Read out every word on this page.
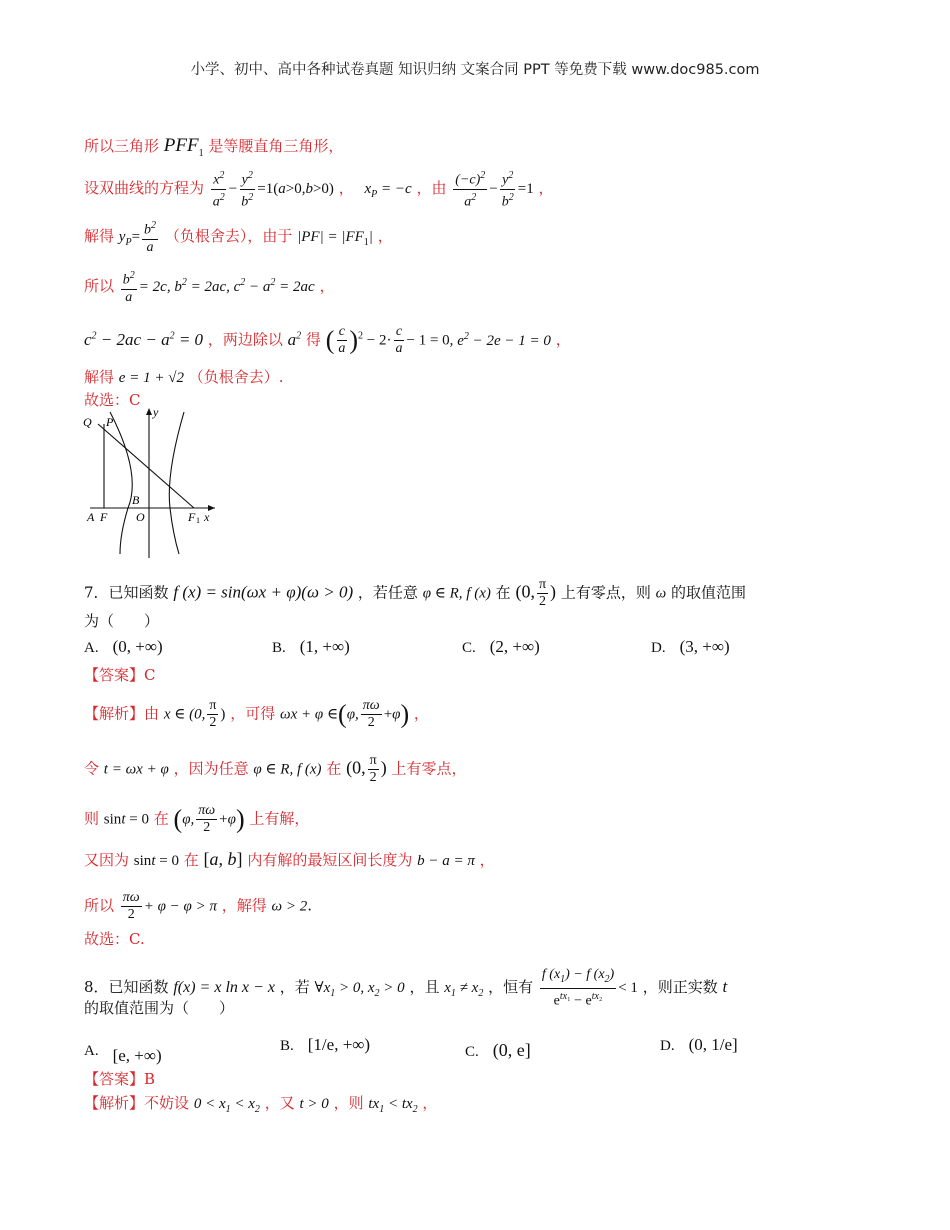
小学、初中、高中各种试卷真题 知识归纳 文案合同 PPT 等免费下载 www.doc985.com
所以三角形 $PFF_1$ 是等腰直角三角形，
设双曲线的方程为 $\frac{x^2}{a^2} - \frac{y^2}{b^2} =1(a>0,b>0)$ ， $x_P = -c$ ，由 $\frac{(-c)^2}{a^2} - \frac{y^2}{b^2} =1$ ，
解得 $y_P= \frac{b^2}{a}$ （负根舍去），由于 $|PF| = |FF_1|$ ，
所以 $\frac{b^2}{a} = 2c$, $b^2 = 2ac$, $c^2 - a^2 = 2ac$ ，
$c^2 - 2ac - a^2 = 0$ ，两边除以 $a^2$ 得 ( $\frac{c}{a} )^2 - 2\cdot \frac{c}{a} - 1 = 0$, $e^2 - 2e - 1 = 0$ ，
解得 e = 1 + √2 （负根舍去）.
故选：C
Q P
y
B
A F O	F 1 x
7．已知函数 f (x) = sin(ωx + φ)(ω > 0) ，若任意 φ ∈ R, f (x) 在 (0, $\frac{\pi}{2}$ ) 上有零点，则 ω 的取值范围
为（　　）
A. (0, +∞)	B. (1, +∞)	C. (2, +∞)	D. (3, +∞)
【答案】C
【解析】由 x ∈ (0, $\frac{\pi}{2}$ ) ，可得 ωx + φ ∈(φ, $\frac{\pi\omega}{2} +\varphi$) ，
令 t = ωx + φ ，因为任意 φ ∈ R, f (x) 在 (0, $\frac{\pi}{2}$ ) 上有零点，
则 sint = 0 在 (φ, $\frac{\pi\omega}{2} +\varphi$) 上有解，
又因为 sint = 0 在 [a, b] 内有解的最短区间长度为 b − a = π ，
所以 $\frac{\pi\omega}{2} + \varphi - \varphi > \pi$ ，解得 ω > 2.
故选：C.
8．已知函数 f(x) = x ln x − x ，若 $\forall x_1 > 0$, $x_2 > 0$ ，且 $x_1 \ne x_2$ ，恒有 $\frac{f (x_1) - f (x_2)}{e^{tx_1} - e^{tx_2}} < 1$ ，则正实数 t
的取值范围为（　　）
A. [e, +∞)	B. [1/e, +∞)	C. (0, e]	D. (0, 1/e]
【答案】B
【解析】不妨设 $0 < x_1 < x_2$ ，又 t > 0 ，则 $tx_1 < tx_2$ ，
